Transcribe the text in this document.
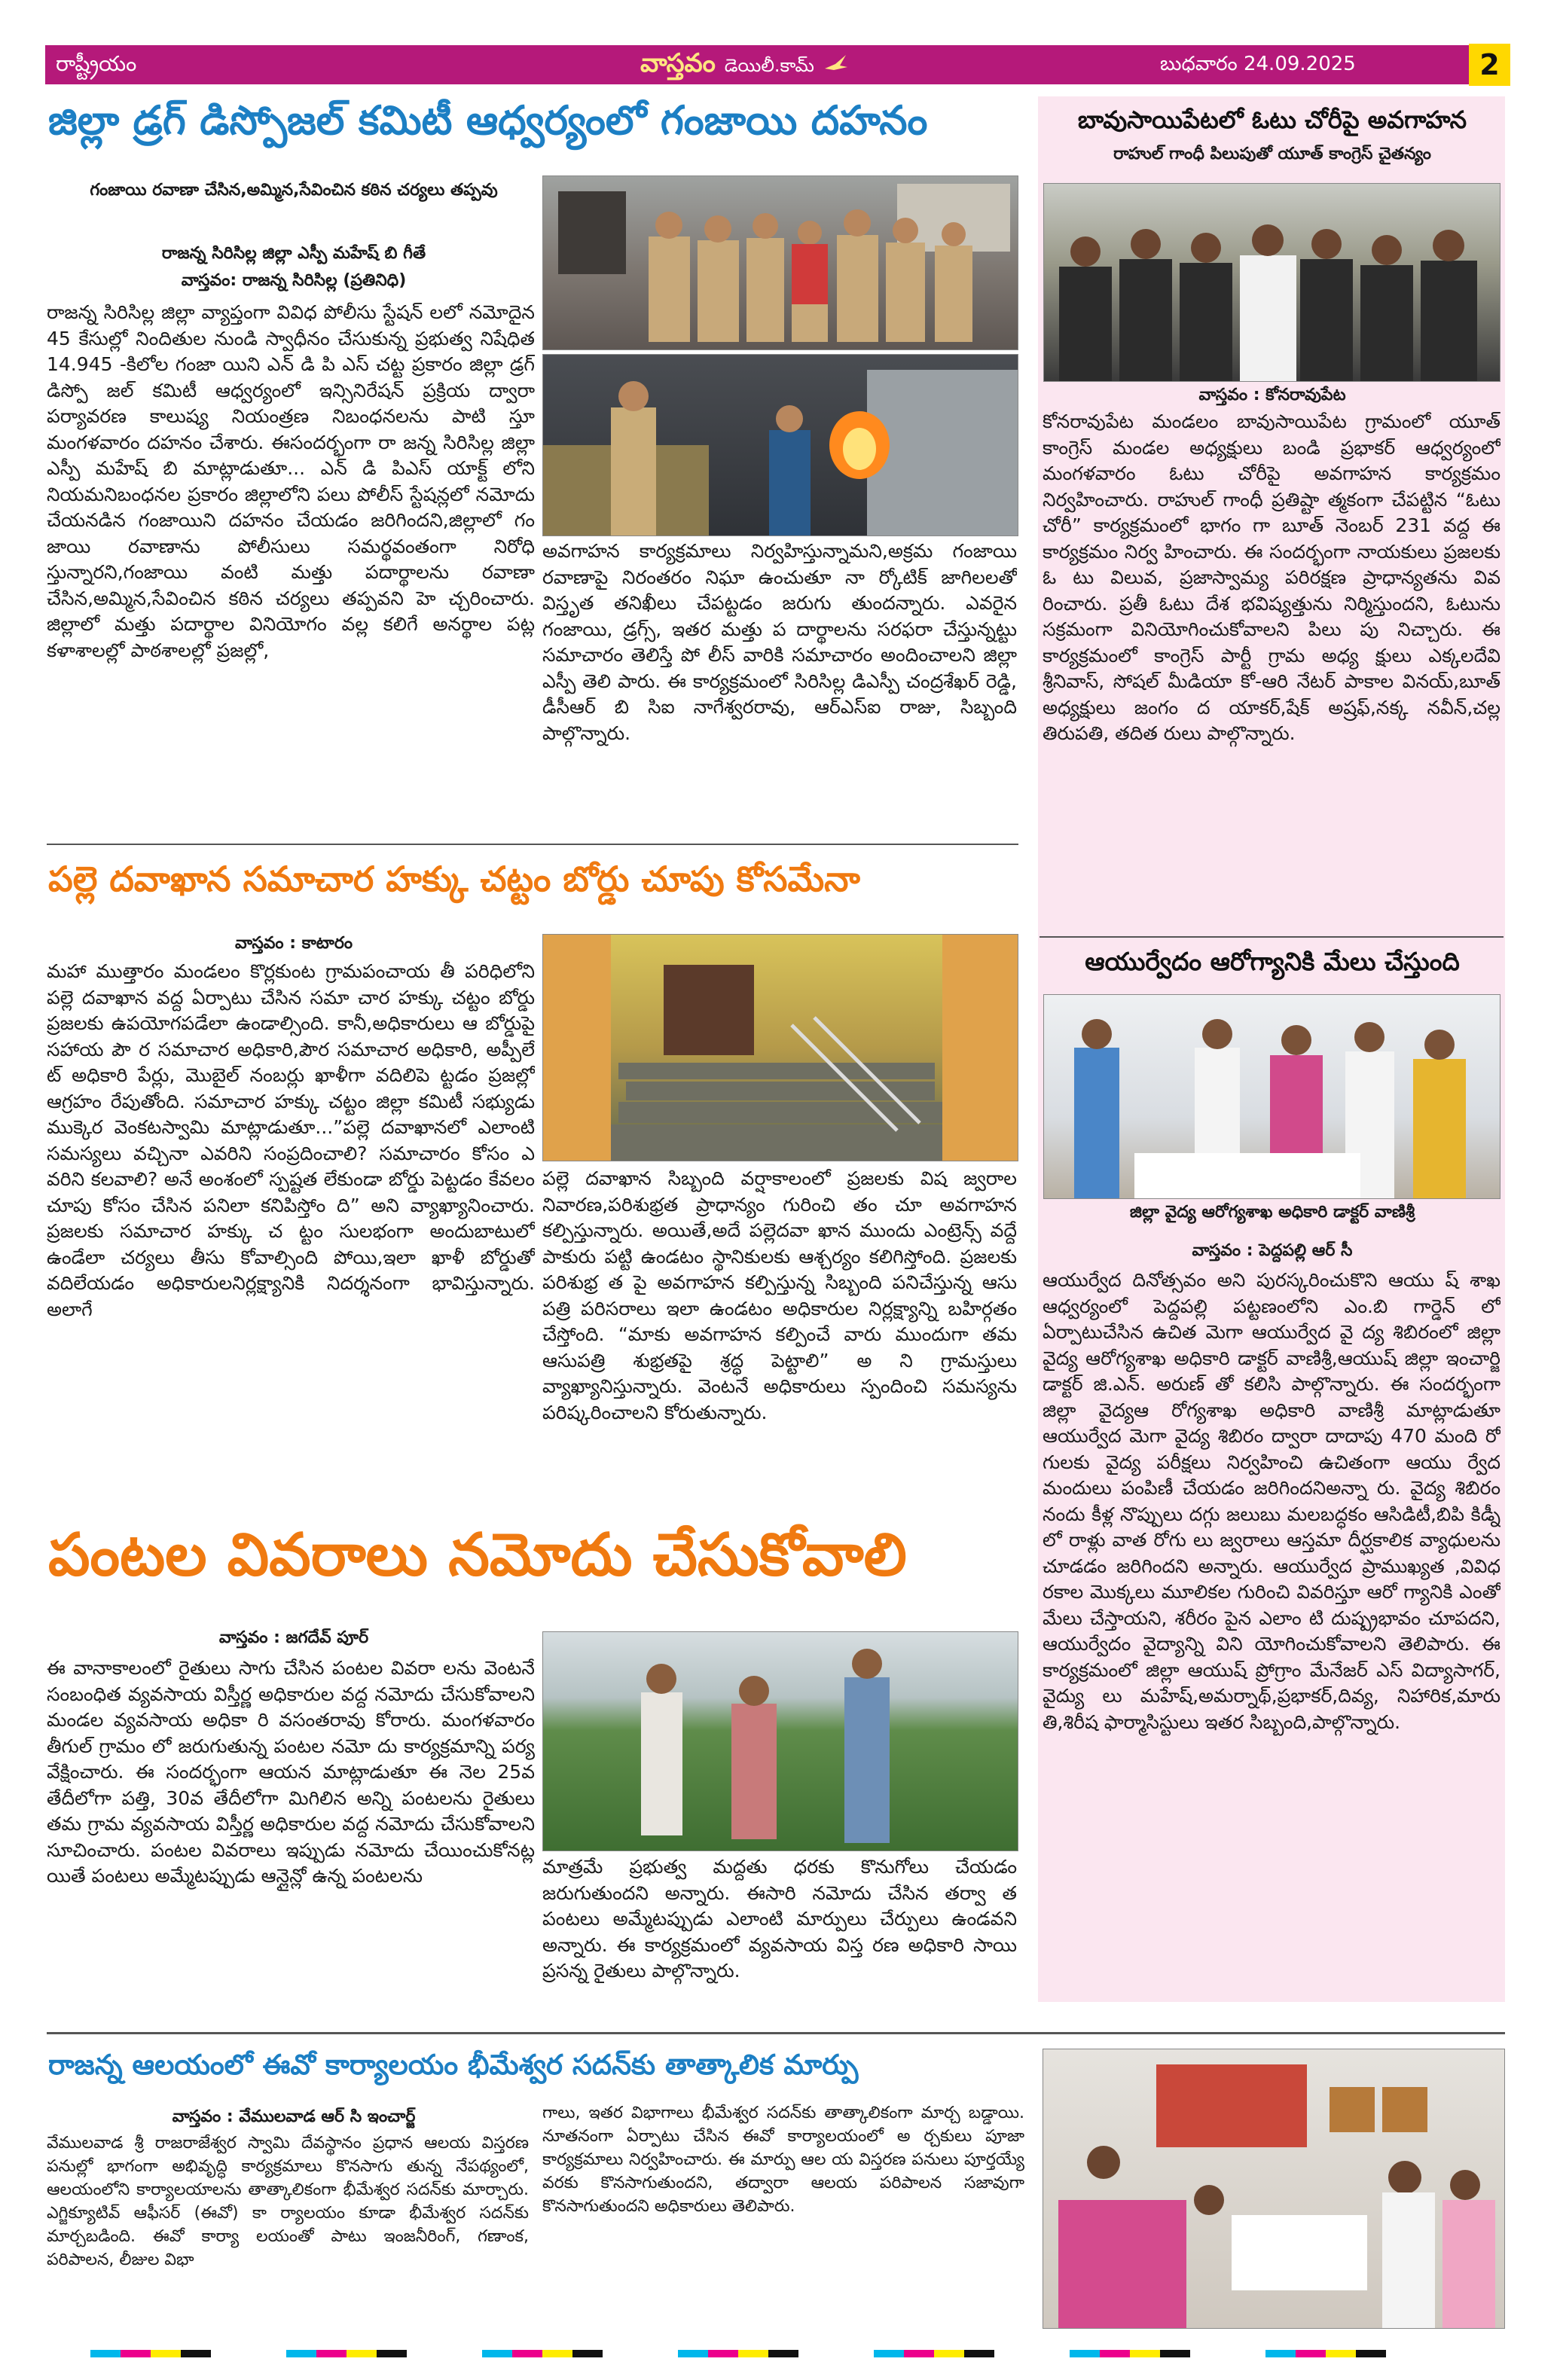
రాష్ట్రీయం	వాస్తవం డెయిలీ.కామ్	బుధవారం 24.09.2025	2
జిల్లా డ్రగ్ డిస్పోజల్ కమిటీ ఆధ్వర్యంలో గంజాయి దహనం
గంజాయి రవాణా చేసిన,అమ్మిన,సేవించిన కఠిన చర్యలు తప్పవు
రాజన్న సిరిసిల్ల జిల్లా ఎస్పీ మహేష్ బి గీతే
వాస్తవం: రాజన్న సిరిసిల్ల (ప్రతినిధి)
రాజన్న సిరిసిల్ల జిల్లా వ్యాప్తంగా వివిధ పోలీసు స్టేషన్ లలో నమోదైన 45 కేసుల్లో నిందితుల నుండి స్వాధీనం చేసుకున్న ప్రభుత్వ నిషేధిత 14.945 -కిలోల గంజా యిని ఎన్ డి పి ఎస్ చట్ట ప్రకారం జిల్లా డ్రగ్ డిస్పో జల్ కమిటీ ఆధ్వర్యంలో ఇన్సినిరేషన్ ప్రక్రియ ద్వారా పర్యావరణ కాలుష్య నియంత్రణ నిబంధనలను పాటి స్తూ మంగళవారం దహనం చేశారు. ఈసందర్భంగా రా జన్న సిరిసిల్ల జిల్లా ఎస్పీ మహేష్ బి మాట్లాడుతూ... ఎన్ డి పిఎస్ యాక్ట్ లోని నియమనిబంధనల ప్రకారం జిల్లాలోని పలు పోలీస్ స్టేషన్లలో నమోదు చేయనడిన గంజాయిని దహనం చేయడం జరిగిందని,జిల్లాలో గం జాయి రవాణాను పోలీసులు సమర్థవంతంగా నిరోధి స్తున్నారని,గంజాయి వంటి మత్తు పదార్థాలను రవాణా చేసిన,అమ్మిన,సేవించిన కఠిన చర్యలు తప్పవని హె చ్చరించారు. జిల్లాలో మత్తు పదార్థాల వినియోగం వల్ల కలిగే అనర్థాల పట్ల కళాశాలల్లో పాఠశాలల్లో ప్రజల్లో,
అవగాహన కార్యక్రమాలు నిర్వహిస్తున్నామని,అక్రమ గంజాయి రవాణాపై నిరంతరం నిఘా ఉంచుతూ నా ర్కోటిక్ జాగిలలతో విస్తృత తనిఖీలు చేపట్టడం జరుగు తుందన్నారు. ఎవరైన గంజాయి, డ్రగ్స్, ఇతర మత్తు ప దార్థాలను సరఫరా చేస్తున్నట్టు సమాచారం తెలిస్తే పో లీస్ వారికి సమాచారం అందించాలని జిల్లా ఎస్పీ తెలి పారు. ఈ కార్యక్రమంలో సిరిసిల్ల డిఎస్పీ చంద్రశేఖర్ రెడ్డి, డీసీఆర్ బి సిఐ నాగేశ్వరరావు, ఆర్ఎస్ఐ రాజు, సిబ్బంది పాల్గొన్నారు.
పల్లె దవాఖాన సమాచార హక్కు చట్టం బోర్డు చూపు కోసమేనా
వాస్తవం : కాటారం
మహా ముత్తారం మండలం కొర్లకుంట గ్రామపంచాయ తీ పరిధిలోని పల్లె దవాఖాన వద్ద ఏర్పాటు చేసిన సమా చార హక్కు చట్టం బోర్డు ప్రజలకు ఉపయోగపడేలా ఉండాల్సింది. కానీ,అధికారులు ఆ బోర్డుపై సహాయ పౌ ర సమాచార అధికారి,పౌర సమాచార అధికారి, అప్పీలే ట్ అధికారి పేర్లు, మొబైల్ నంబర్లు ఖాళీగా వదిలిపె ట్టడం ప్రజల్లో ఆగ్రహం రేపుతోంది. సమాచార హక్కు చట్టం జిల్లా కమిటీ సభ్యుడు ముక్కెర వెంకటస్వామి మాట్లాడుతూ...”పల్లె దవాఖానలో ఎలాంటి సమస్యలు వచ్చినా ఎవరిని సంప్రదించాలి? సమాచారం కోసం ఎ వరిని కలవాలి? అనే అంశంలో స్పష్టత లేకుండా బోర్డు పెట్టడం కేవలం చూపు కోసం చేసిన పనిలా కనిపిస్తోం ది” అని వ్యాఖ్యానించారు. ప్రజలకు సమాచార హక్కు చ ట్టం సులభంగా అందుబాటులో ఉండేలా చర్యలు తీసు కోవాల్సింది పోయి,ఇలా ఖాళీ బోర్డుతో వదిలేయడం అధికారులనిర్లక్ష్యానికి నిదర్శనంగా భావిస్తున్నారు. అలాగే
పల్లె దవాఖాన సిబ్బంది వర్షాకాలంలో ప్రజలకు విష జ్వరాల నివారణ,పరిశుభ్రత ప్రాధాన్యం గురించి తం చూ అవగాహన కల్పిస్తున్నారు. అయితే,అదే పల్లెదవా ఖాన ముందు ఎంట్రెన్స్ వద్దే పాకురు పట్టి ఉండటం స్థానికులకు ఆశ్చర్యం కలిగిస్తోంది. ప్రజలకు పరిశుభ్ర త పై అవగాహన కల్పిస్తున్న సిబ్బంది పనిచేస్తున్న ఆసు పత్రి పరిసరాలు ఇలా ఉండటం అధికారుల నిర్లక్ష్యాన్ని బహిర్గతం చేస్తోంది. “మాకు అవగాహన కల్పించే వారు ముందుగా తమ ఆసుపత్రి శుభ్రతపై శ్రద్ధ పెట్టాలి” అ ని గ్రామస్తులు వ్యాఖ్యానిస్తున్నారు. వెంటనే అధికారులు స్పందించి సమస్యను పరిష్కరించాలని కోరుతున్నారు.
పంటల వివరాలు నమోదు చేసుకోవాలి
వాస్తవం : జగదేవ్ పూర్
ఈ వానాకాలంలో రైతులు సాగు చేసిన పంటల వివరా లను వెంటనే సంబంధిత వ్యవసాయ విస్తీర్ణ అధికారుల వద్ద నమోదు చేసుకోవాలని మండల వ్యవసాయ అధికా రి వసంతరావు కోరారు. మంగళవారం తీగుల్ గ్రామం లో జరుగుతున్న పంటల నమో దు కార్యక్రమాన్ని పర్య వేక్షించారు. ఈ సందర్భంగా ఆయన మాట్లాడుతూ ఈ నెల 25వ తేదీలోగా పత్తి, 30వ తేదీలోగా మిగిలిన అన్ని పంటలను రైతులు తమ గ్రామ వ్యవసాయ విస్తీర్ణ అధికారుల వద్ద నమోదు చేసుకోవాలని సూచించారు. పంటల వివరాలు ఇప్పుడు నమోదు చేయించుకోనట్ల యితే పంటలు అమ్మేటప్పుడు ఆన్లైన్లో ఉన్న పంటలను	మాత్రమే ప్రభుత్వ మద్దతు ధరకు కొనుగోలు చేయడం జరుగుతుందని అన్నారు. ఈసారి నమోదు చేసిన తర్వా త పంటలు అమ్మేటప్పుడు ఎలాంటి మార్పులు చేర్పులు ఉండవని అన్నారు. ఈ కార్యక్రమంలో వ్యవసాయ విస్త రణ అధికారి సాయి ప్రసన్న రైతులు పాల్గొన్నారు.
బావుసాయిపేటలో ఓటు చోరీపై అవగాహన
రాహుల్ గాంధీ పిలుపుతో యూత్ కాంగ్రెస్ చైతన్యం
వాస్తవం : కోనరావుపేట
కోనరావుపేట మండలం బావుసాయిపేట గ్రామంలో యూత్ కాంగ్రెస్ మండల అధ్యక్షులు బండి ప్రభాకర్ ఆధ్వర్యంలో మంగళవారం ఓటు చోరీపై అవగాహన కార్యక్రమం నిర్వహించారు. రాహుల్ గాంధీ ప్రతిష్టా త్మకంగా చేపట్టిన “ఓటు చోరీ” కార్యక్రమంలో భాగం గా బూత్ నెంబర్ 231 వద్ద ఈ కార్యక్రమం నిర్వ హించారు. ఈ సందర్భంగా నాయకులు ప్రజలకు ఓ టు విలువ, ప్రజాస్వామ్య పరిరక్షణ ప్రాధాన్యతను వివ రించారు. ప్రతీ ఓటు దేశ భవిష్యత్తును నిర్మిస్తుందని, ఓటును సక్రమంగా వినియోగించుకోవాలని పిలు పు నిచ్చారు. ఈ కార్యక్రమంలో కాంగ్రెస్ పార్టీ గ్రామ అధ్య క్షులు ఎక్కలదేవి శ్రీనివాస్, సోషల్ మీడియా కో-ఆరి నేటర్ పాకాల వినయ్,బూత్ అధ్యక్షులు జంగం ద యాకర్,షేక్ అష్రఫ్,నక్క నవీన్,చల్ల తిరుపతి, తదిత రులు పాల్గొన్నారు.
ఆయుర్వేదం ఆరోగ్యానికి మేలు చేస్తుంది
జిల్లా వైద్య ఆరోగ్యశాఖ అధికారి డాక్టర్ వాణిశ్రీ
వాస్తవం : పెద్దపల్లి ఆర్ సీ
ఆయుర్వేద దినోత్సవం అని పురస్కరించుకొని ఆయు ష్ శాఖ ఆధ్వర్యంలో పెద్దపల్లి పట్టణంలోని ఎం.బి గార్డెన్ లో ఏర్పాటుచేసిన ఉచిత మెగా ఆయుర్వేద వై ద్య శిబిరంలో జిల్లా వైద్య ఆరోగ్యశాఖ అధికారి డాక్టర్ వాణిశ్రీ,ఆయుష్ జిల్లా ఇంచార్జి డాక్టర్ జి.ఎన్. అరుణ్ తో కలిసి పాల్గొన్నారు. ఈ సందర్భంగా జిల్లా వైద్యఆ రోగ్యశాఖ అధికారి వాణిశ్రీ మాట్లాడుతూ ఆయుర్వేద మెగా వైద్య శిబిరం ద్వారా దాదాపు 470 మంది రో గులకు వైద్య పరీక్షలు నిర్వహించి ఉచితంగా ఆయు ర్వేద మందులు పంపిణీ చేయడం జరిగిందనిఅన్నా రు. వైద్య శిబిరం నందు కీళ్ల నొప్పులు దగ్గు జలుబు మలబద్ధకం ఆసిడిటీ,బిపి కిడ్నీ లో రాళ్లు వాత రోగు లు జ్వరాలు ఆస్తమా దీర్ఘకాలిక వ్యాధులను చూడడం జరిగిందని అన్నారు. ఆయుర్వేద ప్రాముఖ్యత ,వివిధ రకాల మొక్కలు మూలికల గురించి వివరిస్తూ ఆరో గ్యానికి ఎంతో మేలు చేస్తాయని, శరీరం పైన ఎలాం టి దుష్ప్రభావం చూపదని, ఆయుర్వేదం వైద్యాన్ని విని యోగించుకోవాలని తెలిపారు. ఈ కార్యక్రమంలో జిల్లా ఆయుష్ ప్రోగ్రాం మేనేజర్ ఎస్ విద్యాసాగర్, వైద్యు లు మహేష్,అమర్నాథ్,ప్రభాకర్,దివ్య, నిహారిక,మారు తి,శిరీష ఫార్మాసిస్టులు ఇతర సిబ్బంది,పాల్గొన్నారు.
రాజన్న ఆలయంలో ఈవో కార్యాలయం భీమేశ్వర సదన్‌కు తాత్కాలిక మార్పు
వాస్తవం : వేములవాడ ఆర్ సి ఇంచార్జ్
వేములవాడ శ్రీ రాజరాజేశ్వర స్వామి దేవస్థానం ప్రధాన ఆలయ విస్తరణ పనుల్లో భాగంగా అభివృద్ధి కార్యక్రమాలు కొనసాగు తున్న నేపథ్యంలో, ఆలయంలోని కార్యాలయాలను తాత్కాలికంగా భీమేశ్వర సదన్‌కు మార్చారు. ఎగ్జిక్యూటివ్ ఆఫీసర్ (ఈవో) కా ర్యాలయం కూడా భీమేశ్వర సదన్‌కు మార్చబడింది. ఈవో కార్యా లయంతో పాటు ఇంజనీరింగ్, గణాంక, పరిపాలన, లీజుల విభా
గాలు, ఇతర విభాగాలు భీమేశ్వర సదన్‌కు తాత్కాలికంగా మార్చ బడ్డాయి. నూతనంగా ఏర్పాటు చేసిన ఈవో కార్యాలయంలో అ ర్చకులు పూజా కార్యక్రమాలు నిర్వహించారు. ఈ మార్పు ఆల య విస్తరణ పనులు పూర్తయ్యే వరకు కొనసాగుతుందని, తద్వారా ఆలయ పరిపాలన సజావుగా కొనసాగుతుందని అధికారులు తెలిపారు.
